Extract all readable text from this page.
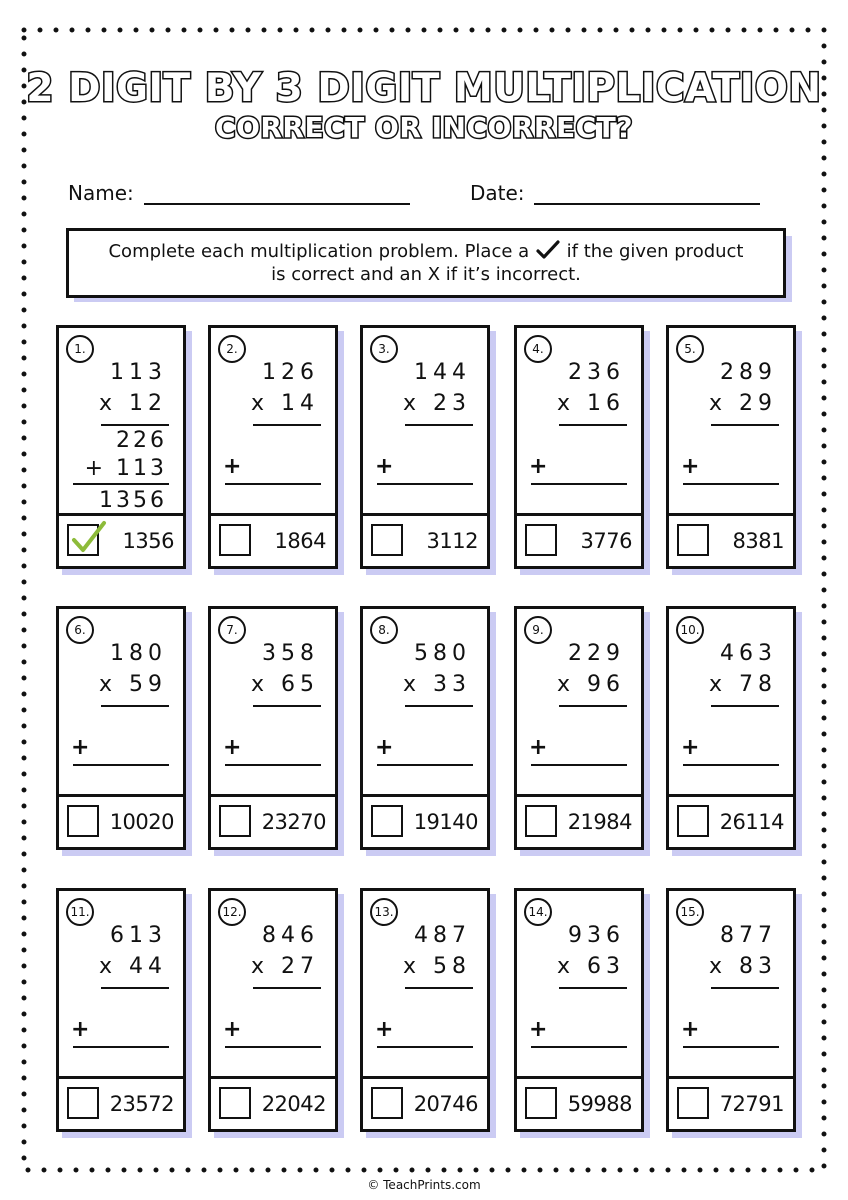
2 DIGIT BY 3 DIGIT MULTIPLICATION
CORRECT OR INCORRECT?
Name:	Date:
Complete each multiplication problem. Place a if the given product
is correct and an X if it’s incorrect.
1.
113
x 12
226
+ 113
1356
1356
2.
126
x 14
+
1864
3.
144
x 23
+
3112
4.
236
x 16
+
3776
5.
289
x 29
+
8381
6.
180
x 59
+
10020
7.
358
x 65
+
23270
8.
580
x 33
+
19140
9.
229
x 96
+
21984
10.
463
x 78
+
26114
11.
613
x 44
+
23572
12.
846
x 27
+
22042
13.
487
x 58
+
20746
14.
936
x 63
+
59988
15.
877
x 83
+
72791
© TeachPrints.com
